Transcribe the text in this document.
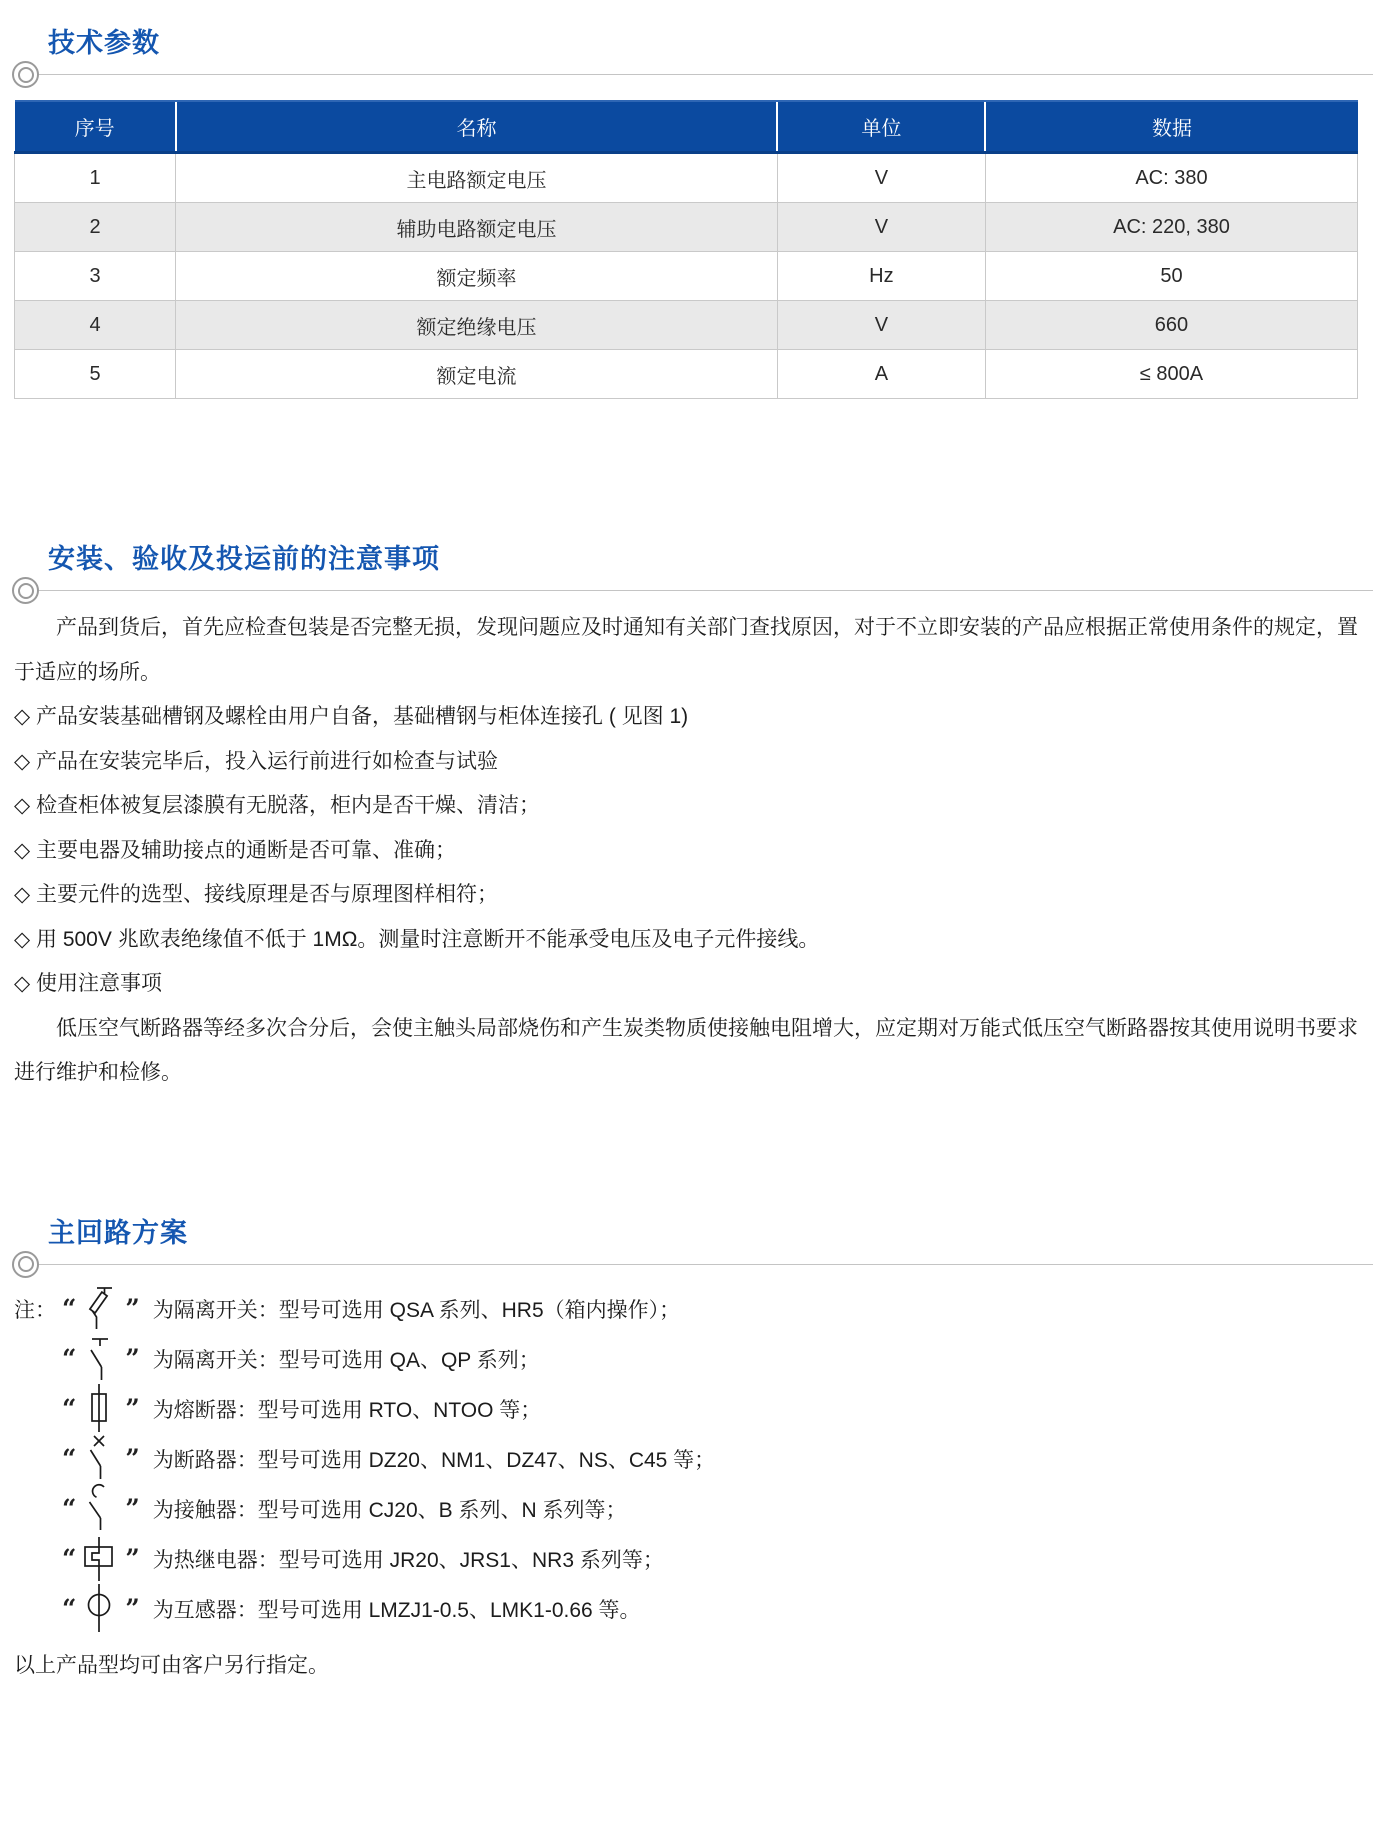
技术参数
序号	名称	单位	数据
1	主电路额定电压	V	AC: 380
2	辅助电路额定电压	V	AC: 220, 380
3	额定频率	Hz	50
4	额定绝缘电压	V	660
5	额定电流	A	≤ 800A
安装、验收及投运前的注意事项

产品到货后，首先应检查包装是否完整无损，发现问题应及时通知有关部门查找原因，对于不立即安装的产品应根据正常使用条件的规定，置于适应的场所。

◇ 产品安装基础槽钢及螺栓由用户自备，基础槽钢与柜体连接孔 ( 见图 1)
◇ 产品在安装完毕后，投入运行前进行如检查与试验
◇ 检查柜体被复层漆膜有无脱落，柜内是否干燥、清洁；
◇ 主要电器及辅助接点的通断是否可靠、准确；
◇ 主要元件的选型、接线原理是否与原理图样相符；
◇ 用 500V 兆欧表绝缘值不低于 1MΩ。测量时注意断开不能承受电压及电子元件接线。
◇ 使用注意事项

低压空气断路器等经多次合分后，会使主触头局部烧伤和产生炭类物质使接触电阻增大，应定期对万能式低压空气断路器按其使用说明书要求进行维护和检修。

主回路方案
注： “ ” 为隔离开关：型号可选用 QSA 系列、HR5（箱内操作）；
“ ” 为隔离开关：型号可选用 QA、QP 系列；
“ ” 为熔断器：型号可选用 RTO、NTOO 等；
“ ” 为断路器：型号可选用 DZ20、NM1、DZ47、NS、C45 等；
“ ” 为接触器：型号可选用 CJ20、B 系列、N 系列等；
“ ” 为热继电器：型号可选用 JR20、JRS1、NR3 系列等；
“ ” 为互感器：型号可选用 LMZJ1-0.5、LMK1-0.66 等。
以上产品型均可由客户另行指定。
